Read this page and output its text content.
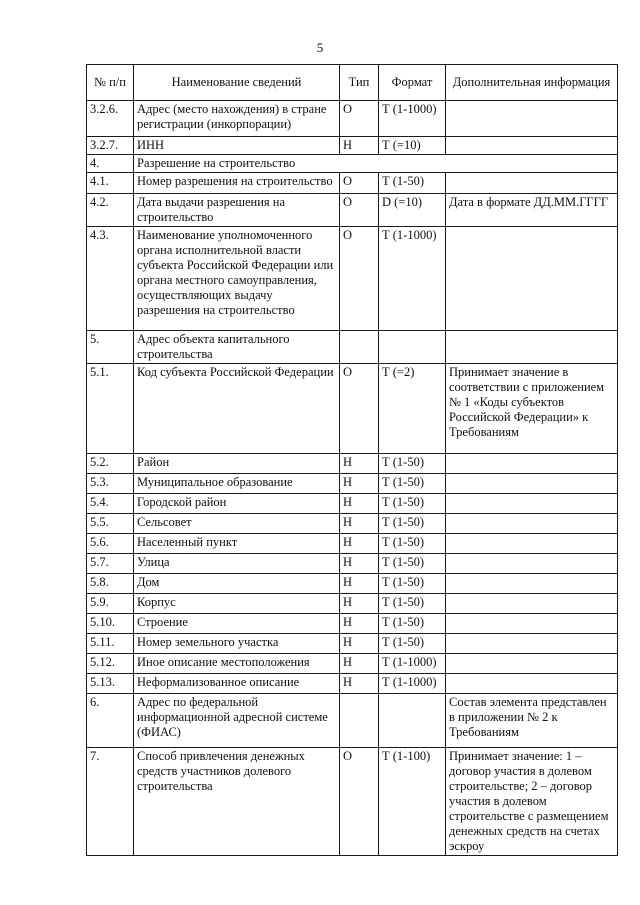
5
№ п/п	Наименование сведений	Тип	Формат	Дополнительная информация
3.2.6.	Адрес (место нахождения) в стране регистрации (инкорпорации)	О	Т (1-1000)	
3.2.7.	ИНН	Н	Т (=10)	
4.	Разрешение на строительство			
4.1.	Номер разрешения на строительство	О	Т (1-50)	
4.2.	Дата выдачи разрешения на строительство	О	D (=10)	Дата в формате ДД.ММ.ГГГГ
4.3.	Наименование уполномоченного органа исполнительной власти субъекта Российской Федерации или органа местного самоуправления, осуществляющих выдачу разрешения на строительство	О	Т (1-1000)	
5.	Адрес объекта капитального строительства			
5.1.	Код субъекта Российской Федерации	О	Т (=2)	Принимает значение в соответствии с приложением № 1 «Коды субъектов Российской Федерации» к Требованиям
5.2.	Район	Н	Т (1-50)	
5.3.	Муниципальное образование	Н	Т (1-50)	
5.4.	Городской район	Н	Т (1-50)	
5.5.	Сельсовет	Н	Т (1-50)	
5.6.	Населенный пункт	Н	Т (1-50)	
5.7.	Улица	Н	Т (1-50)	
5.8.	Дом	Н	Т (1-50)	
5.9.	Корпус	Н	Т (1-50)	
5.10.	Строение	Н	Т (1-50)	
5.11.	Номер земельного участка	Н	Т (1-50)	
5.12.	Иное описание местоположения	Н	Т (1-1000)	
5.13.	Неформализованное описание	Н	Т (1-1000)	
6.	Адрес по федеральной информационной адресной системе (ФИАС)			Состав элемента представлен в приложении № 2 к Требованиям
7.	Способ привлечения денежных средств участников долевого строительства	О	Т (1-100)	Принимает значение: 1 – договор участия в долевом строительстве; 2 – договор участия в долевом строительстве с размещением денежных средств на счетах эскроу
